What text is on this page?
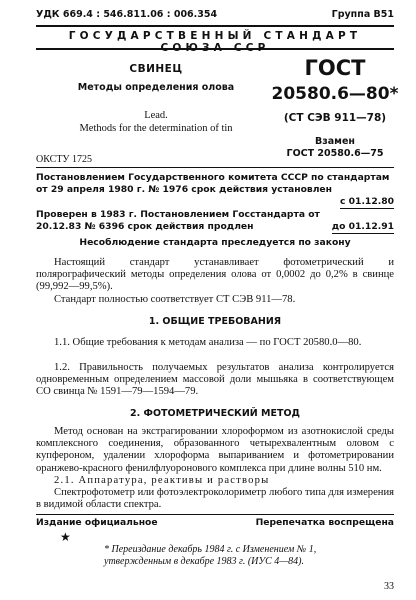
УДК 669.4 : 546.811.06 : 006.354	Группа В51
ГОСУДАРСТВЕННЫЙ СТАНДАРТ СОЮЗА ССР
СВИНЕЦ
Методы определения олова
Lead.
Methods for the determination of tin
ОКСТУ 1725
ГОСТ
20580.6—80*
(СТ СЭВ 911—78)
Взамен
ГОСТ 20580.6—75
Постановлением Государственного комитета СССР по стандартам от 29 апреля 1980 г. № 1976 срок действия установлен
с 01.12.80
Проверен в 1983 г. Постановлением Госстандарта от 20.12.83 № 6396 срок действия продлен	до 01.12.91
Несоблюдение стандарта преследуется по закону
Настоящий стандарт устанавливает фотометрический и полярографический методы определения олова от 0,0002 до 0,2% в свинце (99,992—99,5%).
Стандарт полностью соответствует СТ СЭВ 911—78.
1. ОБЩИЕ ТРЕБОВАНИЯ
1.1. Общие требования к методам анализа — по ГОСТ 20580.0—80.
1.2. Правильность получаемых результатов анализа контролируется одновременным определением массовой доли мышьяка в соответствующем СО свинца № 1591—79—1594—79.
2. ФОТОМЕТРИЧЕСКИЙ МЕТОД
Метод основан на экстрагировании хлороформом из азотнокислой среды комплексного соединения, образованного четырехвалентным оловом с купфероном, удалении хлороформа выпариванием и фотометрировании оранжево-красного фенилфлуоронового комплекса при длине волны 510 нм.
2.1. Аппаратура, реактивы и растворы
Спектрофотометр или фотоэлектроколориметр любого типа для измерения в видимой области спектра.
Издание официальное	Перепечатка воспрещена
★
* Переиздание декабрь 1984 г. с Изменением № 1, утвержденным в декабре 1983 г. (ИУС 4—84).
33
